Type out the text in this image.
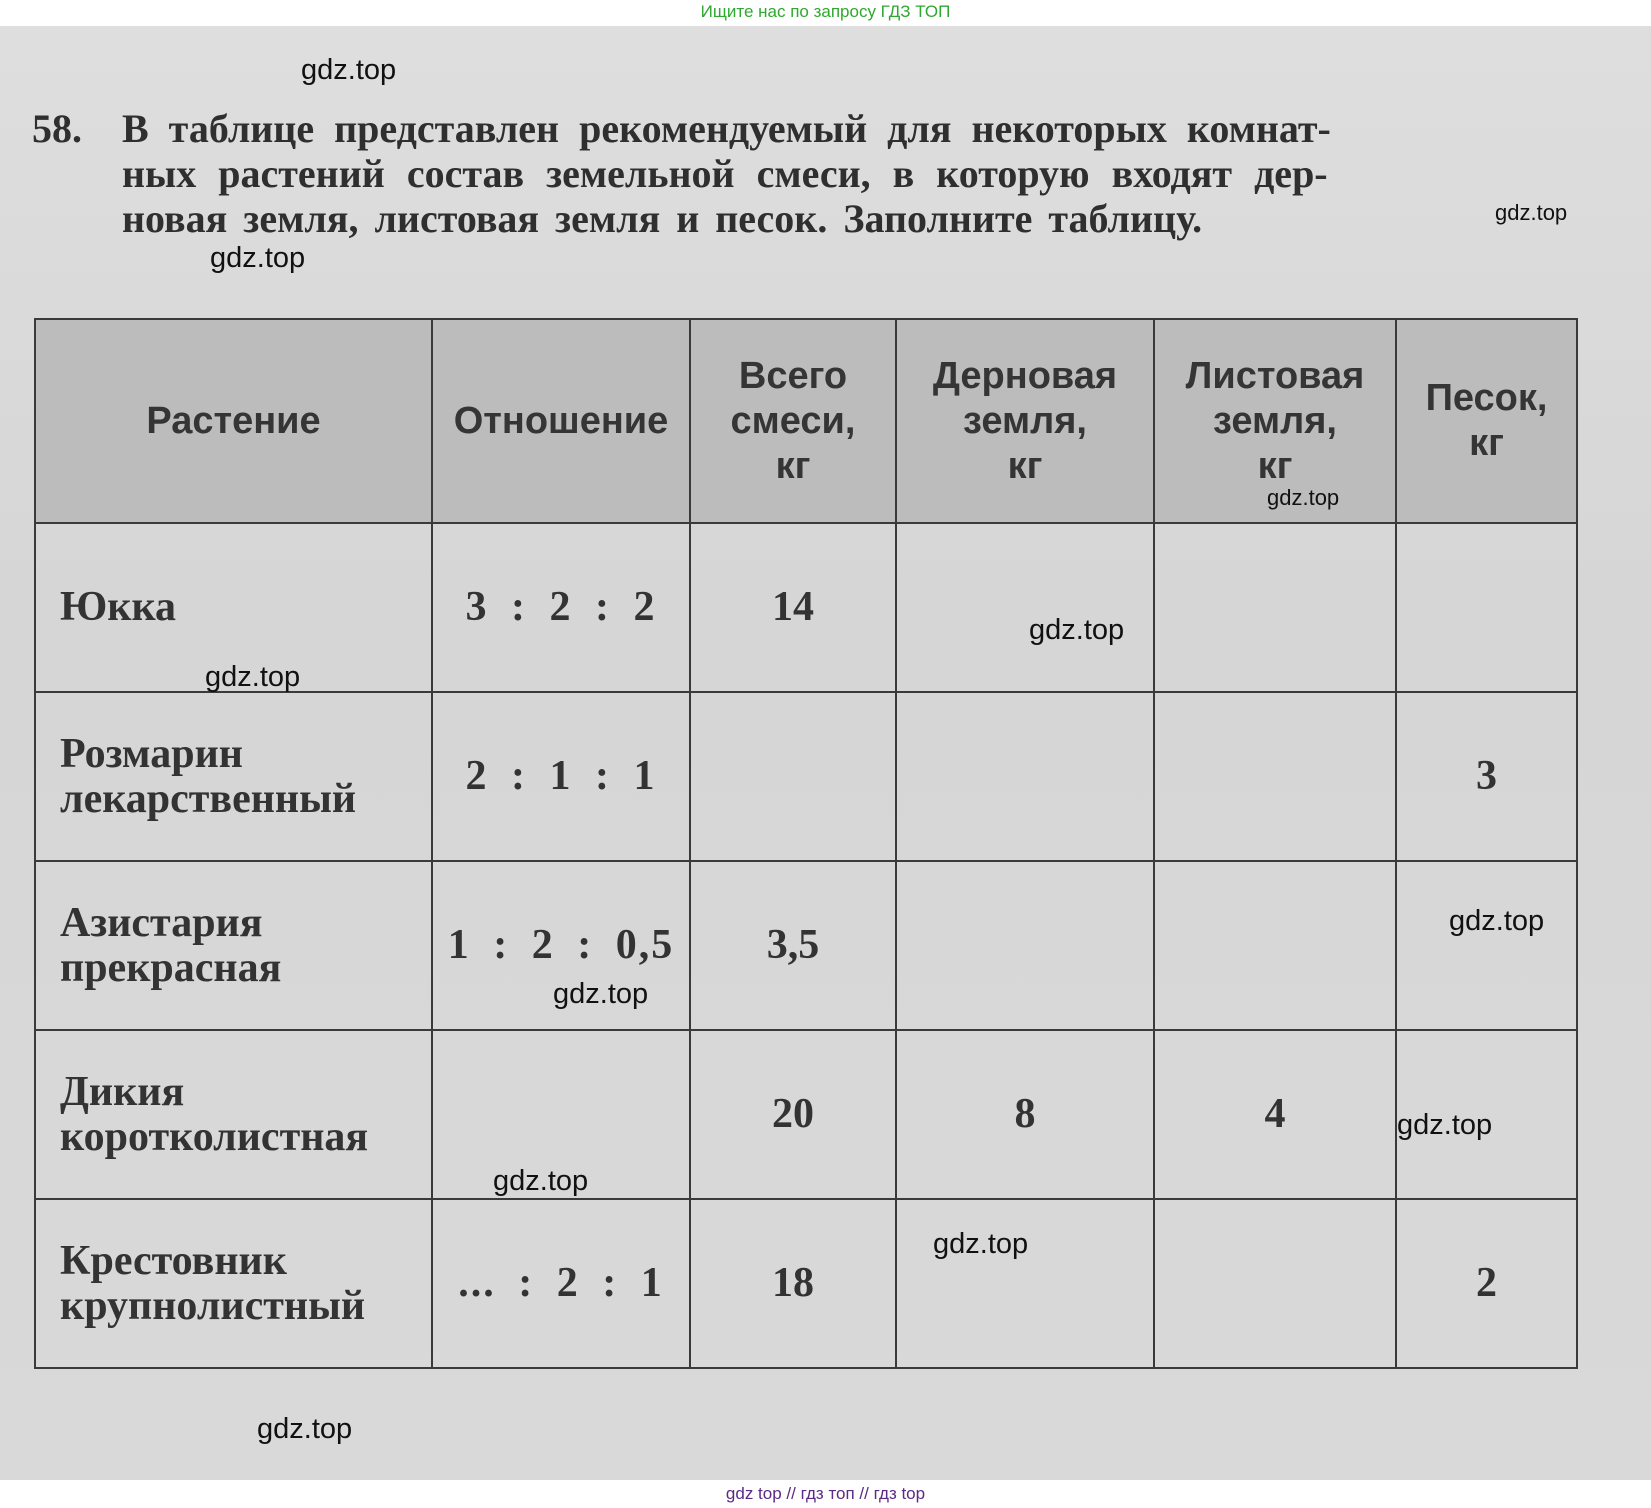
Ищите нас по запросу ГДЗ ТОП
58.	В таблице представлен рекомендуемый для некоторых комнат-
ных растений состав земельной смеси, в которую входят дер-
новая земля, листовая земля и песок. Заполните таблицу.
Растение	Отношение	Всего
смеси,
кг	Дерновая
земля,
кг	Листовая
земля,
кг	Песок,
кг
Юкка	3 : 2 : 2	14			
Розмарин
лекарственный	2 : 1 : 1				3
Азистария
прекрасная	1 : 2 : 0,5	3,5			
Дикия
коротколистная		20	8	4	
Крестовник
крупнолистный	... : 2 : 1	18			2
gdz.top
gdz.top
gdz.top
gdz.top
gdz.top
gdz.top
gdz.top
gdz.top
gdz.top
gdz.top
gdz.top
gdz.top
gdz top // гдз топ // гдз top
